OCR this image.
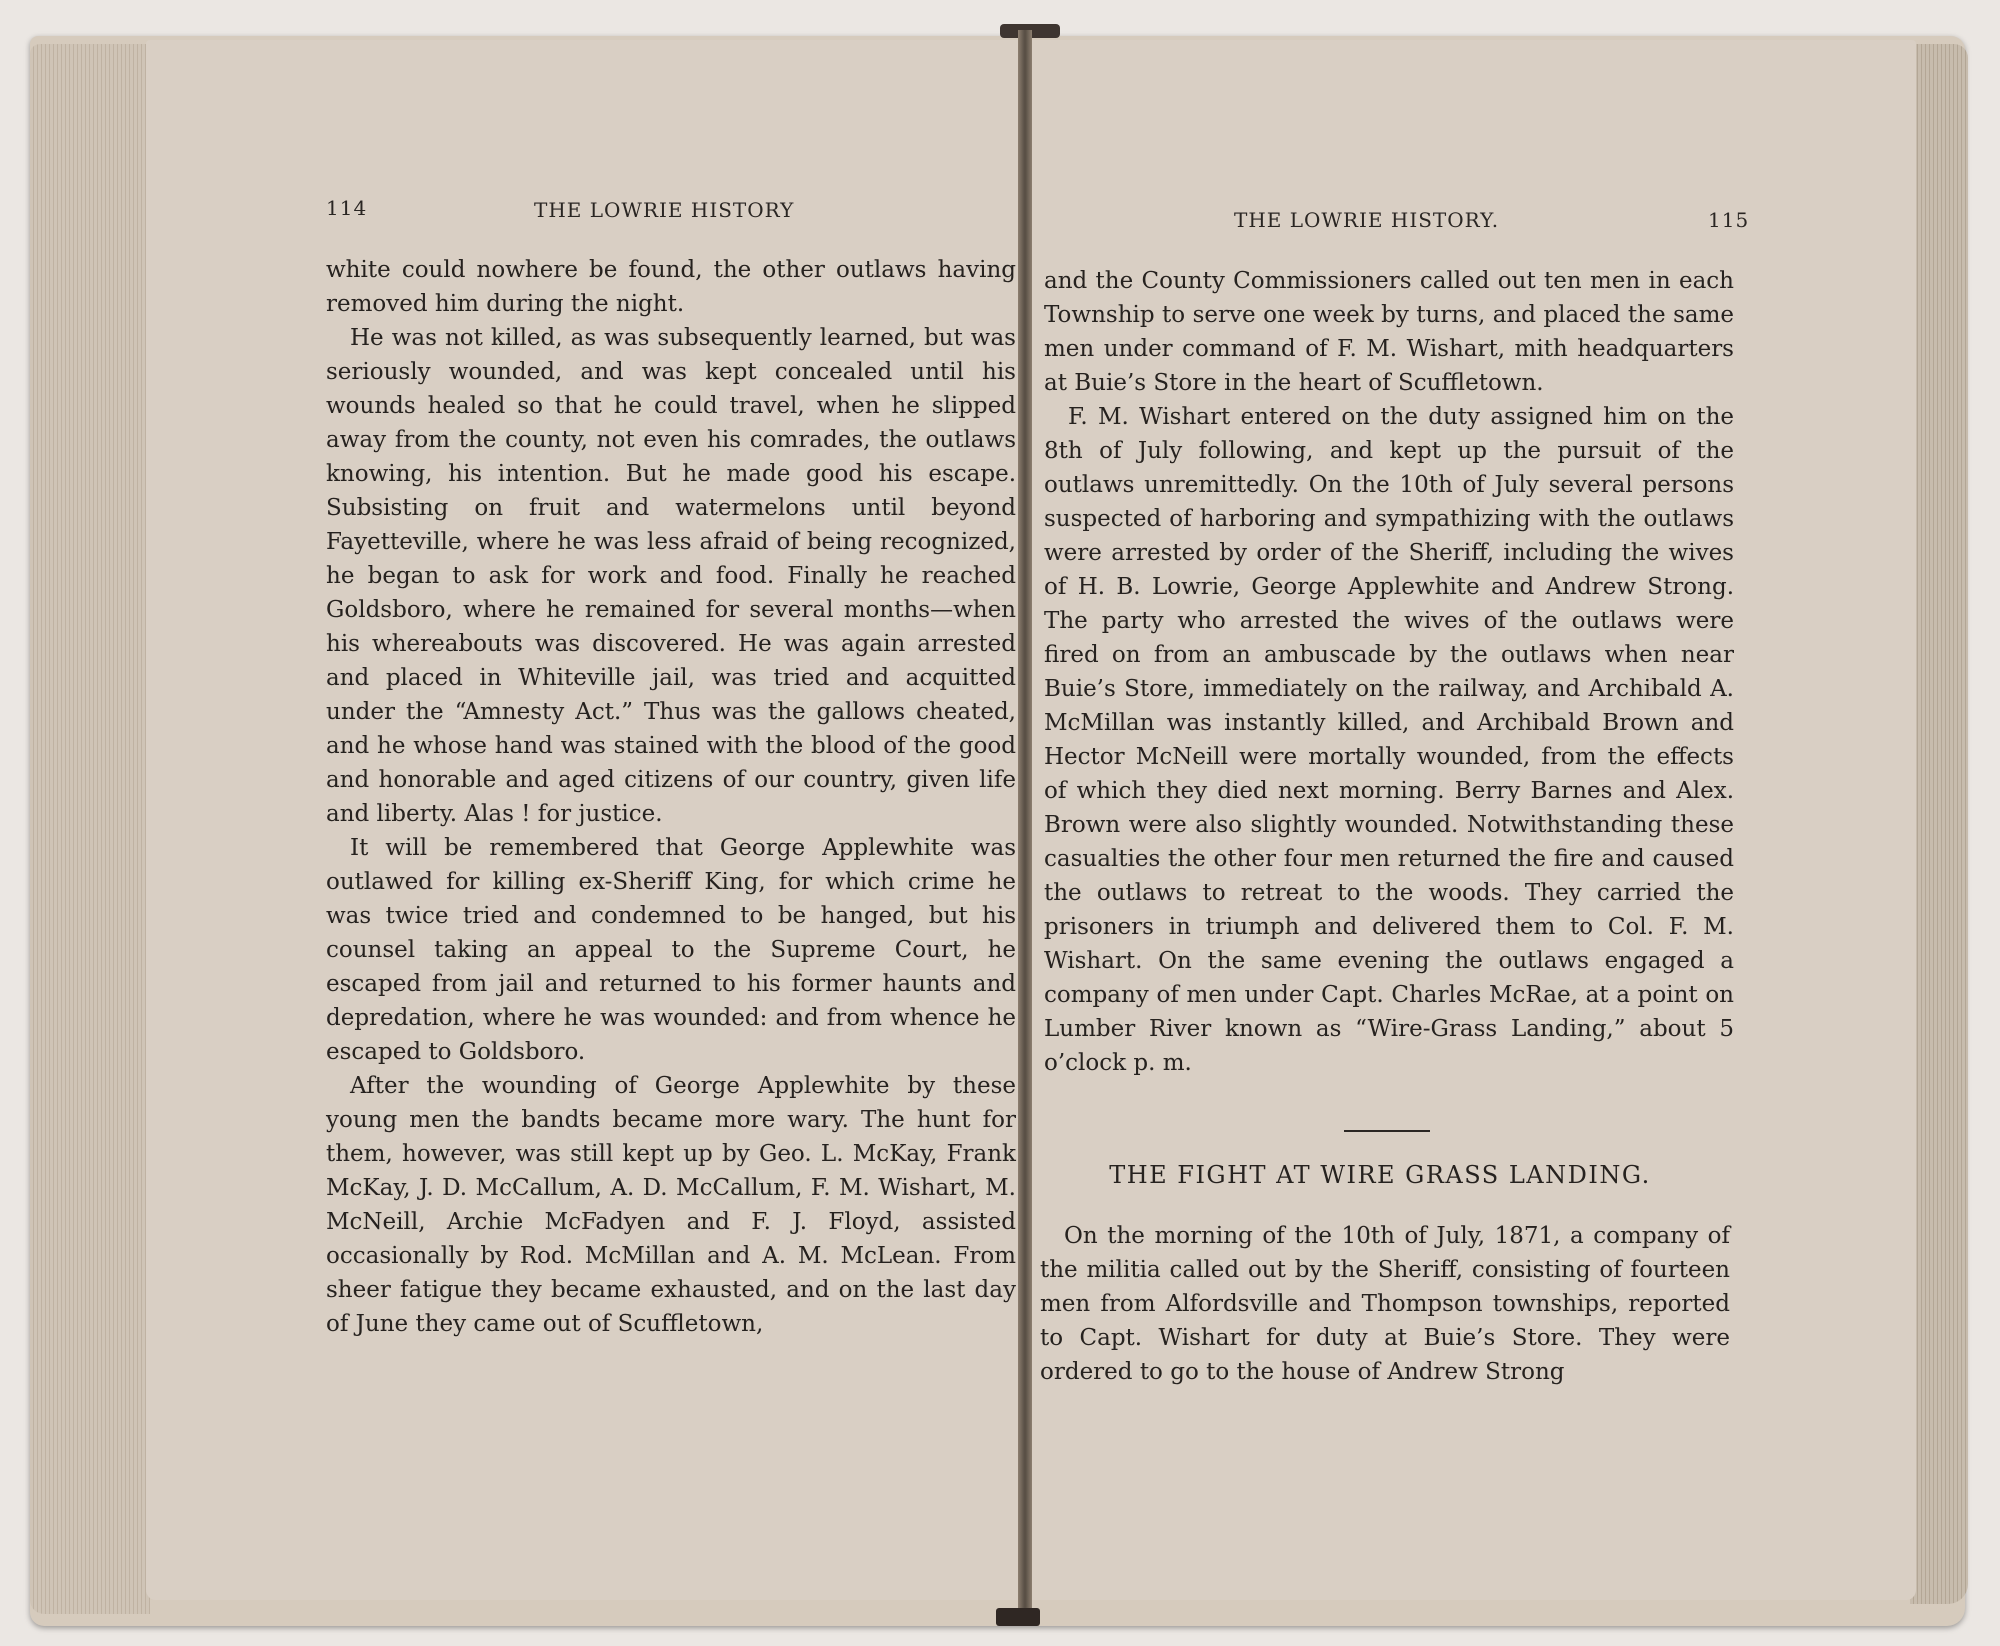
114	THE LOWRIE HISTORY

white could nowhere be found, the other outlaws having removed him during the night.

He was not killed, as was subsequently learned, but was seriously wounded, and was kept concealed until his wounds healed so that he could travel, when he slipped away from the county, not even his comrades, the outlaws knowing, his intention. But he made good his escape. Subsisting on fruit and watermelons until beyond Fayetteville, where he was less afraid of being recognized, he began to ask for work and food. Finally he reached Goldsboro, where he remained for several months—when his whereabouts was discovered. He was again arrested and placed in Whiteville jail, was tried and acquitted under the “Amnesty Act.” Thus was the gallows cheated, and he whose hand was stained with the blood of the good and honorable and aged citizens of our country, given life and liberty. Alas ! for justice.

It will be remembered that George Applewhite was outlawed for killing ex-Sheriff King, for which crime he was twice tried and condemned to be hanged, but his counsel taking an appeal to the Supreme Court, he escaped from jail and returned to his former haunts and depredation, where he was wounded: and from whence he escaped to Goldsboro.

After the wounding of George Applewhite by these young men the bandts became more wary. The hunt for them, however, was still kept up by Geo. L. McKay, Frank McKay, J. D. McCallum, A. D. McCallum, F. M. Wishart, M. McNeill, Archie McFadyen and F. J. Floyd, assisted occasionally by Rod. McMillan and A. M. McLean. From sheer fatigue they became exhausted, and on the last day of June they came out of Scuffletown,

THE LOWRIE HISTORY.	115

and the County Commissioners called out ten men in each Township to serve one week by turns, and placed the same men under command of F. M. Wishart, mith headquarters at Buie’s Store in the heart of Scuffletown.

F. M. Wishart entered on the duty assigned him on the 8th of July following, and kept up the pursuit of the outlaws unremittedly. On the 10th of July several persons suspected of harboring and sympathizing with the outlaws were arrested by order of the Sheriff, including the wives of H. B. Lowrie, George Applewhite and Andrew Strong. The party who arrested the wives of the outlaws were fired on from an ambuscade by the outlaws when near Buie’s Store, immediately on the railway, and Archibald A. McMillan was instantly killed, and Archibald Brown and Hector McNeill were mortally wounded, from the effects of which they died next morning. Berry Barnes and Alex. Brown were also slightly wounded. Notwithstanding these casualties the other four men returned the fire and caused the outlaws to retreat to the woods. They carried the prisoners in triumph and delivered them to Col. F. M. Wishart. On the same evening the outlaws engaged a company of men under Capt. Charles McRae, at a point on Lumber River known as “Wire-Grass Landing,” about 5 o’clock p. m.

THE FIGHT AT WIRE GRASS LANDING.

On the morning of the 10th of July, 1871, a company of the militia called out by the Sheriff, consisting of fourteen men from Alfordsville and Thompson townships, reported to Capt. Wishart for duty at Buie’s Store. They were ordered to go to the house of Andrew Strong
